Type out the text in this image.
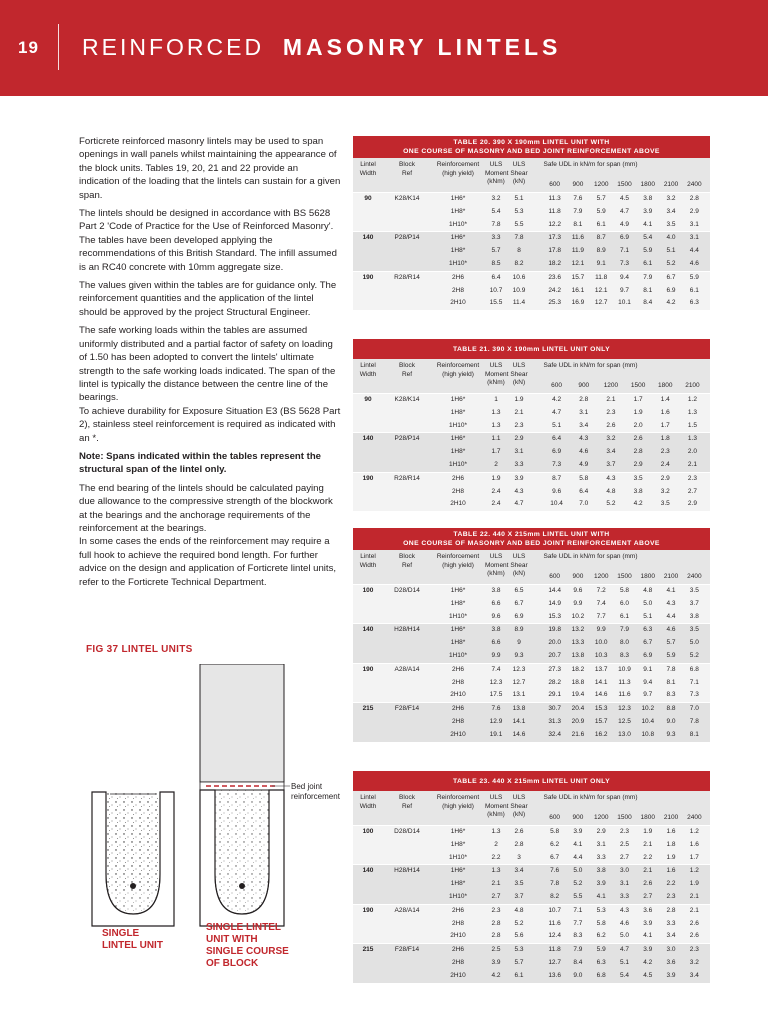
19 REINFORCED MASONRY LINTELS

Forticrete reinforced masonry lintels may be used to span openings in wall panels whilst maintaining the appearance of the block units. Tables 19, 20, 21 and 22 provide an indication of the loading that the lintels can sustain for a given span.

The lintels should be designed in accordance with BS 5628 Part 2 'Code of Practice for the Use of Reinforced Masonry'. The tables have been developed applying the recommendations of this British Standard. The infill assumed is an RC40 concrete with 10mm aggregate size.

The values given within the tables are for guidance only. The reinforcement quantities and the application of the lintel should be approved by the project Structural Engineer.

The safe working loads within the tables are assumed uniformly distributed and a partial factor of safety on loading of 1.50 has been adopted to convert the lintels' ultimate strength to the safe working loads indicated. The span of the lintel is typically the distance between the centre line of the bearings.
To achieve durability for Exposure Situation E3 (BS 5628 Part 2), stainless steel reinforcement is required as indicated with an *.

Note: Spans indicated within the tables represent the structural span of the lintel only.

The end bearing of the lintels should be calculated paying due allowance to the compressive strength of the blockwork at the bearings and the anchorage requirements of the reinforcement at the bearings.
In some cases the ends of the reinforcement may require a full hook to achieve the required bond length. For further advice on the design and application of Forticrete lintel units, refer to the Forticrete Technical Department.

FIG 37 LINTEL UNITS
Bed joint
reinforcement
SINGLE
LINTEL UNIT
SINGLE LINTEL
UNIT WITH
SINGLE COURSE
OF BLOCK
TABLE 20. 390 X 190mm LINTEL UNIT WITH
ONE COURSE OF MASONRY AND BED JOINT REINFORCEMENT ABOVE
Lintel
Width
Block
Ref
Reinforcement
(high yield)
ULS
Moment
(kNm)
ULS
Shear
(kN)
Safe UDL in kN/m for span (mm)
600	900	1200	1500	1800	2100	2400
90	K28/K14	1H6*	3.2	5.1	11.3	7.6	5.7	4.5	3.8	3.2	2.8
1H8*	5.4	5.3	11.8	7.9	5.9	4.7	3.9	3.4	2.9
1H10*	7.8	5.5	12.2	8.1	6.1	4.9	4.1	3.5	3.1
140	P28/P14	1H6*	3.3	7.8	17.3	11.6	8.7	6.9	5.4	4.0	3.1
1H8*	5.7	8	17.8	11.9	8.9	7.1	5.9	5.1	4.4
1H10*	8.5	8.2	18.2	12.1	9.1	7.3	6.1	5.2	4.6
190	R28/R14	2H6	6.4	10.6	23.6	15.7	11.8	9.4	7.9	6.7	5.9
2H8	10.7	10.9	24.2	16.1	12.1	9.7	8.1	6.9	6.1
2H10	15.5	11.4	25.3	16.9	12.7	10.1	8.4	4.2	6.3
TABLE 21. 390 X 190mm LINTEL UNIT ONLY
Lintel
Width
Block
Ref
Reinforcement
(high yield)
ULS
Moment
(kNm)
ULS
Shear
(kN)
Safe UDL in kN/m for span (mm)
600	900	1200	1500	1800	2100
90	K28/K14	1H6*	1	1.9	4.2	2.8	2.1	1.7	1.4	1.2
1H8*	1.3	2.1	4.7	3.1	2.3	1.9	1.6	1.3
1H10*	1.3	2.3	5.1	3.4	2.6	2.0	1.7	1.5
140	P28/P14	1H6*	1.1	2.9	6.4	4.3	3.2	2.6	1.8	1.3
1H8*	1.7	3.1	6.9	4.6	3.4	2.8	2.3	2.0
1H10*	2	3.3	7.3	4.9	3.7	2.9	2.4	2.1
190	R28/R14	2H6	1.9	3.9	8.7	5.8	4.3	3.5	2.9	2.3
2H8	2.4	4.3	9.6	6.4	4.8	3.8	3.2	2.7
2H10	2.4	4.7	10.4	7.0	5.2	4.2	3.5	2.9
TABLE 22. 440 X 215mm LINTEL UNIT WITH
ONE COURSE OF MASONRY AND BED JOINT REINFORCEMENT ABOVE
Lintel
Width
Block
Ref
Reinforcement
(high yield)
ULS
Moment
(kNm)
ULS
Shear
(kN)
Safe UDL in kN/m for span (mm)
600	900	1200	1500	1800	2100	2400
100	D28/D14	1H6*	3.8	6.5	14.4	9.6	7.2	5.8	4.8	4.1	3.5
1H8*	6.6	6.7	14.9	9.9	7.4	6.0	5.0	4.3	3.7
1H10*	9.6	6.9	15.3	10.2	7.7	6.1	5.1	4.4	3.8
140	H28/H14	1H6*	3.8	8.9	19.8	13.2	9.9	7.9	6.3	4.6	3.5
1H8*	6.6	9	20.0	13.3	10.0	8.0	6.7	5.7	5.0
1H10*	9.9	9.3	20.7	13.8	10.3	8.3	6.9	5.9	5.2
190	A28/A14	2H6	7.4	12.3	27.3	18.2	13.7	10.9	9.1	7.8	6.8
2H8	12.3	12.7	28.2	18.8	14.1	11.3	9.4	8.1	7.1
2H10	17.5	13.1	29.1	19.4	14.6	11.6	9.7	8.3	7.3
215	F28/F14	2H6	7.6	13.8	30.7	20.4	15.3	12.3	10.2	8.8	7.0
2H8	12.9	14.1	31.3	20.9	15.7	12.5	10.4	9.0	7.8
2H10	19.1	14.6	32.4	21.6	16.2	13.0	10.8	9.3	8.1
TABLE 23. 440 X 215mm LINTEL UNIT ONLY
Lintel
Width
Block
Ref
Reinforcement
(high yield)
ULS
Moment
(kNm)
ULS
Shear
(kN)
Safe UDL in kN/m for span (mm)
600	900	1200	1500	1800	2100	2400
100	D28/D14	1H6*	1.3	2.6	5.8	3.9	2.9	2.3	1.9	1.6	1.2
1H8*	2	2.8	6.2	4.1	3.1	2.5	2.1	1.8	1.6
1H10*	2.2	3	6.7	4.4	3.3	2.7	2.2	1.9	1.7
140	H28/H14	1H6*	1.3	3.4	7.6	5.0	3.8	3.0	2.1	1.6	1.2
1H8*	2.1	3.5	7.8	5.2	3.9	3.1	2.6	2.2	1.9
1H10*	2.7	3.7	8.2	5.5	4.1	3.3	2.7	2.3	2.1
190	A28/A14	2H6	2.3	4.8	10.7	7.1	5.3	4.3	3.6	2.8	2.1
2H8	2.8	5.2	11.6	7.7	5.8	4.6	3.9	3.3	2.6
2H10	2.8	5.6	12.4	8.3	6.2	5.0	4.1	3.4	2.6
215	F28/F14	2H6	2.5	5.3	11.8	7.9	5.9	4.7	3.9	3.0	2.3
2H8	3.9	5.7	12.7	8.4	6.3	5.1	4.2	3.6	3.2
2H10	4.2	6.1	13.6	9.0	6.8	5.4	4.5	3.9	3.4
